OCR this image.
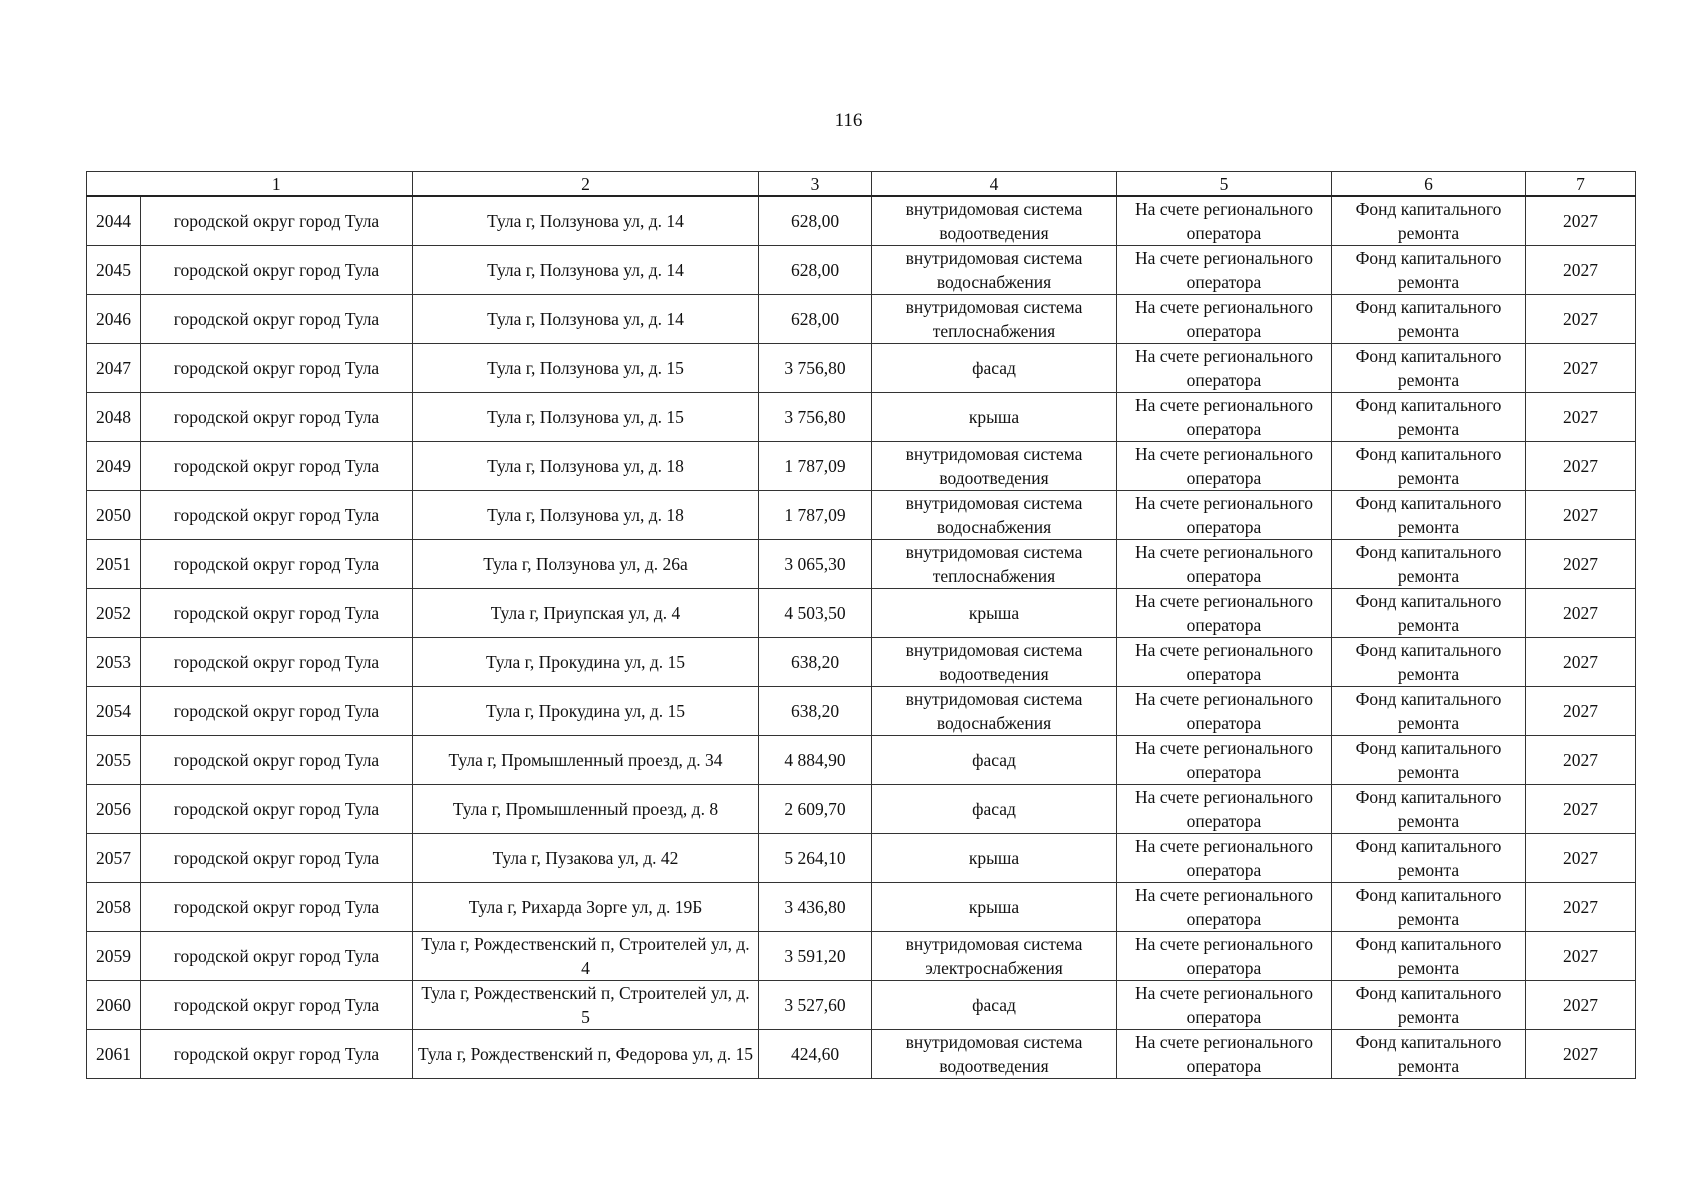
116
	1	2	3	4	5	6	7
2044	городской округ город Тула	Тула г, Ползунова ул, д. 14	628,00	внутридомовая система водоотведения	На счете регионального оператора	Фонд капитального ремонта	2027
2045	городской округ город Тула	Тула г, Ползунова ул, д. 14	628,00	внутридомовая система водоснабжения	На счете регионального оператора	Фонд капитального ремонта	2027
2046	городской округ город Тула	Тула г, Ползунова ул, д. 14	628,00	внутридомовая система теплоснабжения	На счете регионального оператора	Фонд капитального ремонта	2027
2047	городской округ город Тула	Тула г, Ползунова ул, д. 15	3 756,80	фасад	На счете регионального оператора	Фонд капитального ремонта	2027
2048	городской округ город Тула	Тула г, Ползунова ул, д. 15	3 756,80	крыша	На счете регионального оператора	Фонд капитального ремонта	2027
2049	городской округ город Тула	Тула г, Ползунова ул, д. 18	1 787,09	внутридомовая система водоотведения	На счете регионального оператора	Фонд капитального ремонта	2027
2050	городской округ город Тула	Тула г, Ползунова ул, д. 18	1 787,09	внутридомовая система водоснабжения	На счете регионального оператора	Фонд капитального ремонта	2027
2051	городской округ город Тула	Тула г, Ползунова ул, д. 26а	3 065,30	внутридомовая система теплоснабжения	На счете регионального оператора	Фонд капитального ремонта	2027
2052	городской округ город Тула	Тула г, Приупская ул, д. 4	4 503,50	крыша	На счете регионального оператора	Фонд капитального ремонта	2027
2053	городской округ город Тула	Тула г, Прокудина ул, д. 15	638,20	внутридомовая система водоотведения	На счете регионального оператора	Фонд капитального ремонта	2027
2054	городской округ город Тула	Тула г, Прокудина ул, д. 15	638,20	внутридомовая система водоснабжения	На счете регионального оператора	Фонд капитального ремонта	2027
2055	городской округ город Тула	Тула г, Промышленный проезд, д. 34	4 884,90	фасад	На счете регионального оператора	Фонд капитального ремонта	2027
2056	городской округ город Тула	Тула г, Промышленный проезд, д. 8	2 609,70	фасад	На счете регионального оператора	Фонд капитального ремонта	2027
2057	городской округ город Тула	Тула г, Пузакова ул, д. 42	5 264,10	крыша	На счете регионального оператора	Фонд капитального ремонта	2027
2058	городской округ город Тула	Тула г, Рихарда Зорге ул, д. 19Б	3 436,80	крыша	На счете регионального оператора	Фонд капитального ремонта	2027
2059	городской округ город Тула	Тула г, Рождественский п, Строителей ул, д. 4	3 591,20	внутридомовая система электроснабжения	На счете регионального оператора	Фонд капитального ремонта	2027
2060	городской округ город Тула	Тула г, Рождественский п, Строителей ул, д. 5	3 527,60	фасад	На счете регионального оператора	Фонд капитального ремонта	2027
2061	городской округ город Тула	Тула г, Рождественский п, Федорова ул, д. 15	424,60	внутридомовая система водоотведения	На счете регионального оператора	Фонд капитального ремонта	2027
